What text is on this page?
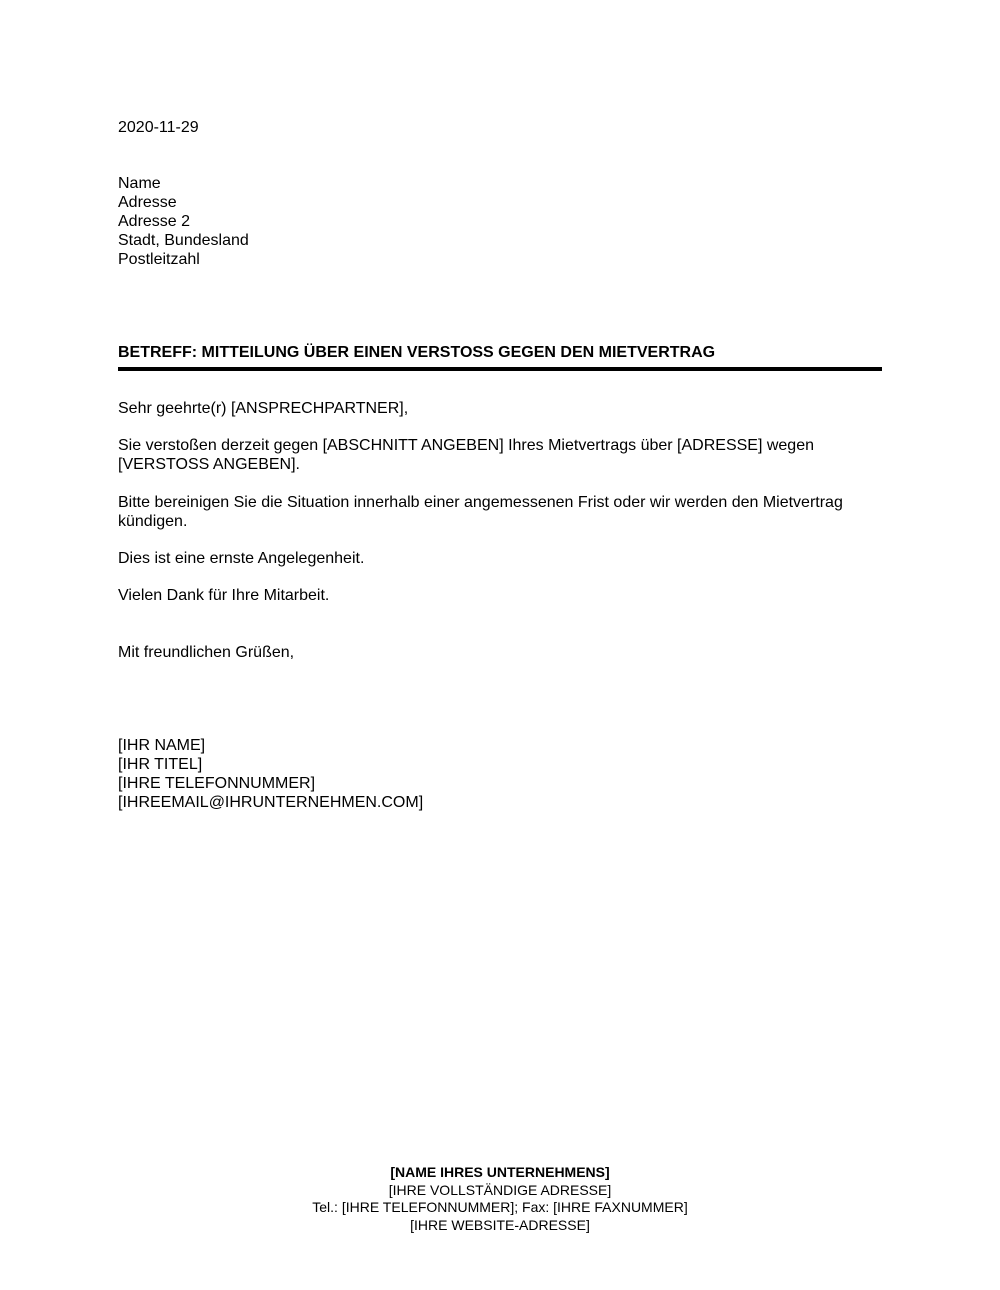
2020-11-29
Name
Adresse
Adresse 2
Stadt, Bundesland
Postleitzahl
BETREFF: MITTEILUNG ÜBER EINEN VERSTOSS GEGEN DEN MIETVERTRAG
Sehr geehrte(r) [ANSPRECHPARTNER],
Sie verstoßen derzeit gegen [ABSCHNITT ANGEBEN] Ihres Mietvertrags über [ADRESSE] wegen [VERSTOSS ANGEBEN].
Bitte bereinigen Sie die Situation innerhalb einer angemessenen Frist oder wir werden den Mietvertrag kündigen.
Dies ist eine ernste Angelegenheit.
Vielen Dank für Ihre Mitarbeit.
Mit freundlichen Grüßen,
[IHR NAME]
[IHR TITEL]
[IHRE TELEFONNUMMER]
[IHREEMAIL@IHRUNTERNEHMEN.COM]
[NAME IHRES UNTERNEHMENS]
[IHRE VOLLSTÄNDIGE ADRESSE]
Tel.: [IHRE TELEFONNUMMER]; Fax: [IHRE FAXNUMMER]
[IHRE WEBSITE-ADRESSE]
